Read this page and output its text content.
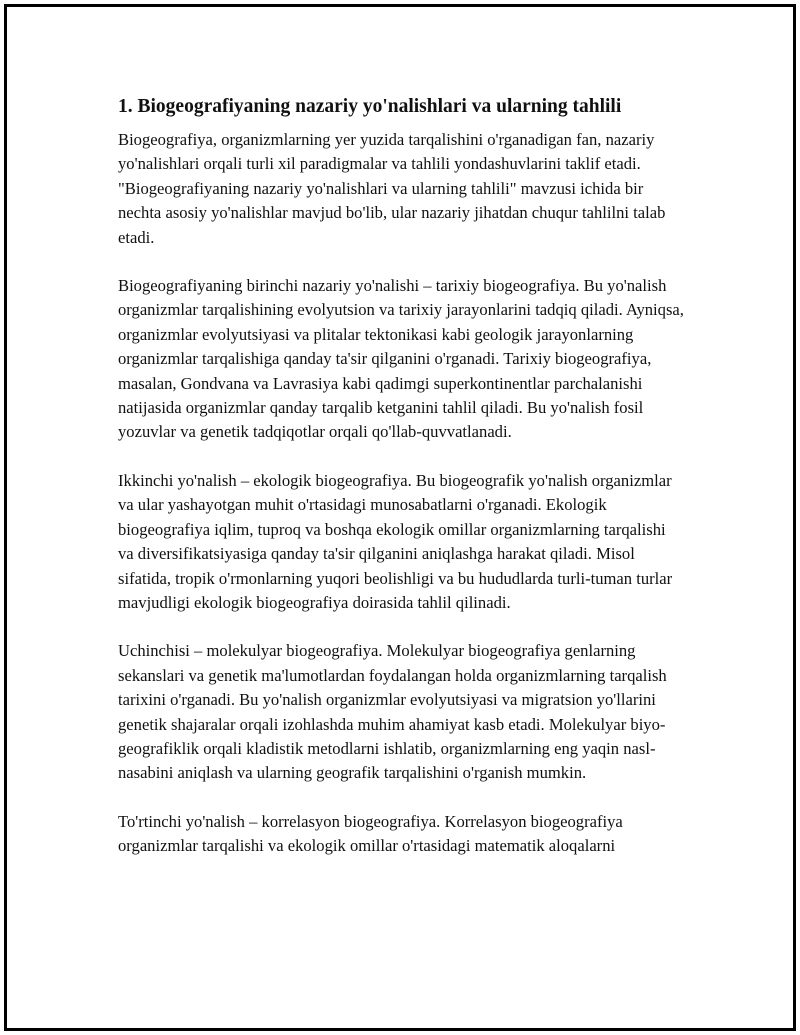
1. Biogeografiyaning nazariy yo'nalishlari va ularning tahlili

Biogeografiya, organizmlarning yer yuzida tarqalishini o'rganadigan fan, nazariy yo'nalishlari orqali turli xil paradigmalar va tahlili yondashuvlarini taklif etadi. "Biogeografiyaning nazariy yo'nalishlari va ularning tahlili" mavzusi ichida bir nechta asosiy yo'nalishlar mavjud bo'lib, ular nazariy jihatdan chuqur tahlilni talab etadi.

Biogeografiyaning birinchi nazariy yo'nalishi – tarixiy biogeografiya. Bu yo'nalish organizmlar tarqalishining evolyutsion va tarixiy jarayonlarini tadqiq qiladi. Ayniqsa, organizmlar evolyutsiyasi va plitalar tektonikasi kabi geologik jarayonlarning organizmlar tarqalishiga qanday ta'sir qilganini o'rganadi. Tarixiy biogeografiya, masalan, Gondvana va Lavrasiya kabi qadimgi superkontinentlar parchalanishi natijasida organizmlar qanday tarqalib ketganini tahlil qiladi. Bu yo'nalish fosil yozuvlar va genetik tadqiqotlar orqali qo'llab-quvvatlanadi.

Ikkinchi yo'nalish – ekologik biogeografiya. Bu biogeografik yo'nalish organizmlar va ular yashayotgan muhit o'rtasidagi munosabatlarni o'rganadi. Ekologik biogeografiya iqlim, tuproq va boshqa ekologik omillar organizmlarning tarqalishi va diversifikatsiyasiga qanday ta'sir qilganini aniqlashga harakat qiladi. Misol sifatida, tropik o'rmonlarning yuqori beolishligi va bu hududlarda turli-tuman turlar mavjudligi ekologik biogeografiya doirasida tahlil qilinadi.

Uchinchisi – molekulyar biogeografiya. Molekulyar biogeografiya genlarning sekanslari va genetik ma'lumotlardan foydalangan holda organizmlarning tarqalish tarixini o'rganadi. Bu yo'nalish organizmlar evolyutsiyasi va migratsion yo'llarini genetik shajaralar orqali izohlashda muhim ahamiyat kasb etadi. Molekulyar biyo-geografiklik orqali kladistik metodlarni ishlatib, organizmlarning eng yaqin nasl-nasabini aniqlash va ularning geografik tarqalishini o'rganish mumkin.

To'rtinchi yo'nalish – korrelasyon biogeografiya. Korrelasyon biogeografiya organizmlar tarqalishi va ekologik omillar o'rtasidagi matematik aloqalarni
